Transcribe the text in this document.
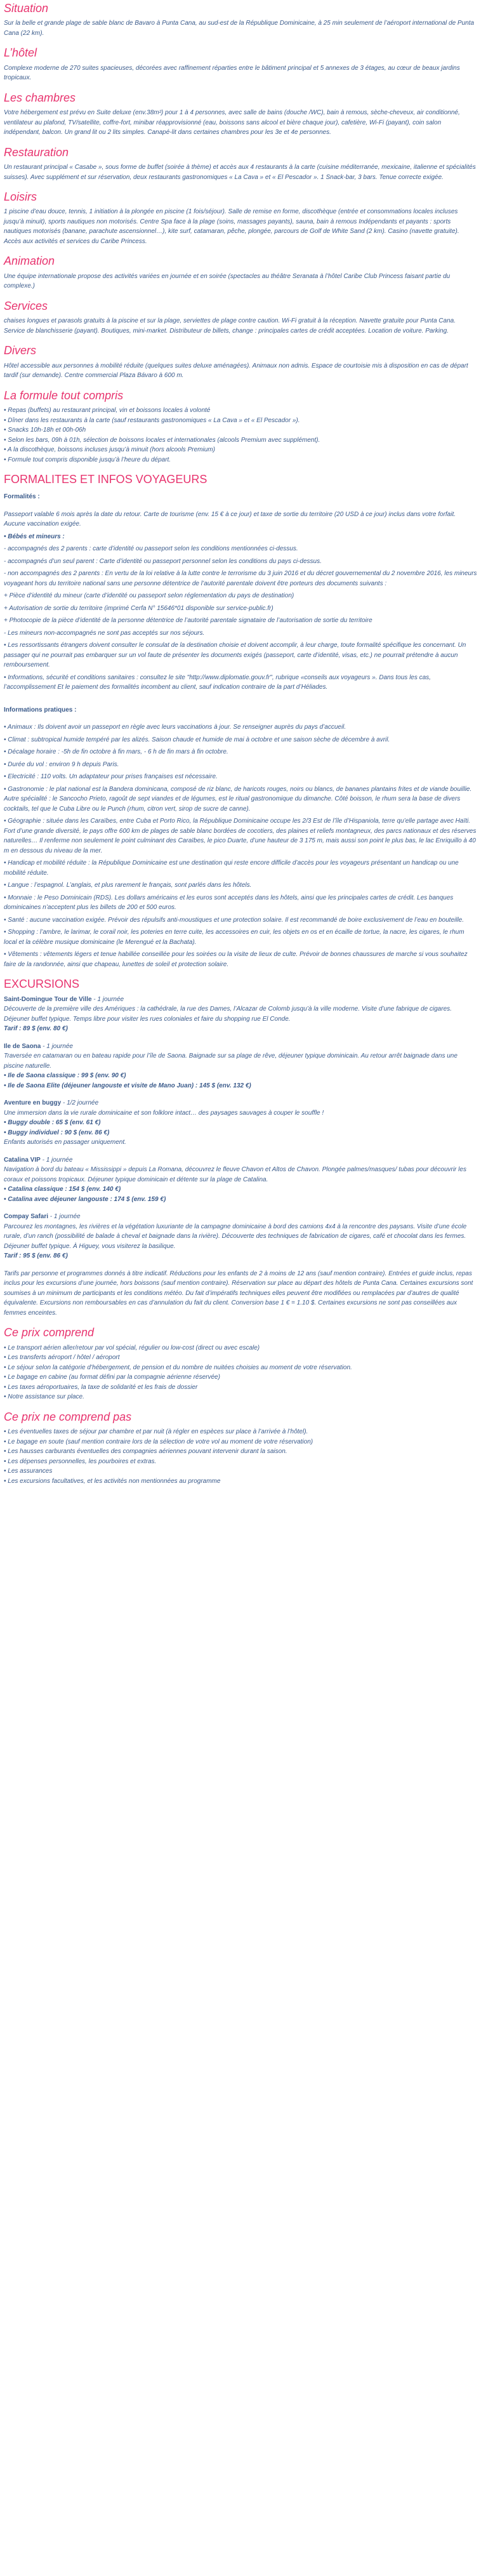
Situation

Sur la belle et grande plage de sable blanc de Bavaro à Punta Cana, au sud-est de la République Dominicaine, à 25 min seulement de l’aéroport international de Punta Cana (22 km).

L’hôtel

Complexe moderne de 270 suites spacieuses, décorées avec raffinement réparties entre le bâtiment principal et 5 annexes de 3 étages, au cœur de beaux jardins tropicaux.

Les chambres

Votre hébergement est prévu en Suite deluxe (env.38m²) pour 1 à 4 personnes, avec salle de bains (douche /WC), bain à remous, sèche-cheveux, air conditionné, ventilateur au plafond, TV/satellite, coffre-fort, minibar réapprovisionné (eau, boissons sans alcool et bière chaque jour), cafetière, Wi-Fi (payant), coin salon indépendant, balcon. Un grand lit ou 2 lits simples. Canapé-lit dans certaines chambres pour les 3e et 4e personnes.

Restauration

Un restaurant principal « Casabe », sous forme de buffet (soirée à thème) et accès aux 4 restaurants à la carte (cuisine méditerranée, mexicaine, italienne et spécialités suisses). Avec supplément et sur réservation, deux restaurants gastronomiques « La Cava » et « El Pescador ». 1 Snack-bar, 3 bars. Tenue correcte exigée.

Loisirs

1 piscine d’eau douce, tennis, 1 initiation à la plongée en piscine (1 fois/séjour). Salle de remise en forme, discothèque (entrée et consommations locales incluses jusqu’à minuit), sports nautiques non motorisés. Centre Spa face à la plage (soins, massages payants), sauna, bain à remous Indépendants et payants : sports nautiques motorisés (banane, parachute ascensionnel…), kite surf, catamaran, pêche, plongée, parcours de Golf de White Sand (2 km). Casino (navette gratuite). Accès aux activités et services du Caribe Princess.

Animation

Une équipe internationale propose des activités variées en journée et en soirée (spectacles au théâtre Seranata à l’hôtel Caribe Club Princess faisant partie du complexe.)

Services

chaises longues et parasols gratuits à la piscine et sur la plage, serviettes de plage contre caution. Wi-Fi gratuit à la réception. Navette gratuite pour Punta Cana. Service de blanchisserie (payant). Boutiques, mini-market. Distributeur de billets, change : principales cartes de crédit acceptées. Location de voiture. Parking.

Divers

Hôtel accessible aux personnes à mobilité réduite (quelques suites deluxe aménagées). Animaux non admis. Espace de courtoisie mis à disposition en cas de départ tardif (sur demande). Centre commercial Plaza Bávaro à 600 m.

La formule tout compris
• Repas (buffets) au restaurant principal, vin et boissons locales à volonté
• Dîner dans les restaurants à la carte (sauf restaurants gastronomiques « La Cava » et « El Pescador »).
• Snacks 10h-18h et 00h-06h
• Selon les bars, 09h à 01h, sélection de boissons locales et internationales (alcools Premium avec supplément).
• A la discothèque, boissons incluses jusqu’à minuit (hors alcools Premium)
• Formule tout compris disponible jusqu’à l’heure du départ.
FORMALITES ET INFOS VOYAGEURS

Formalités :

Passeport valable 6 mois après la date du retour. Carte de tourisme (env. 15 € à ce jour) et taxe de sortie du territoire (20 USD à ce jour) inclus dans votre forfait. Aucune vaccination exigée.

• Bébés et mineurs :

- accompagnés des 2 parents : carte d’identité ou passeport selon les conditions mentionnées ci-dessus.

- accompagnés d’un seul parent : Carte d’identité ou passeport personnel selon les conditions du pays ci-dessus.

- non accompagnés des 2 parents : En vertu de la loi relative à la lutte contre le terrorisme du 3 juin 2016 et du décret gouvernemental du 2 novembre 2016, les mineurs voyageant hors du territoire national sans une personne détentrice de l’autorité parentale doivent être porteurs des documents suivants :

+ Pièce d’identité du mineur (carte d’identité ou passeport selon réglementation du pays de destination)

+ Autorisation de sortie du territoire (imprimé Cerfa N° 15646*01 disponible sur service-public.fr)

+ Photocopie de la pièce d’identité de la personne détentrice de l’autorité parentale signataire de l’autorisation de sortie du territoire

- Les mineurs non-accompagnés ne sont pas acceptés sur nos séjours.

• Les ressortissants étrangers doivent consulter le consulat de la destination choisie et doivent accomplir, à leur charge, toute formalité spécifique les concernant. Un passager qui ne pourrait pas embarquer sur un vol faute de présenter les documents exigés (passeport, carte d’identité, visas, etc.) ne pourrait prétendre à aucun remboursement.

• Informations, sécurité et conditions sanitaires : consultez le site "http://www.diplomatie.gouv.fr", rubrique «conseils aux voyageurs ». Dans tous les cas, l’accomplissement Et le paiement des formalités incombent au client, sauf indication contraire de la part d’Héliades.

Informations pratiques :

• Animaux : Ils doivent avoir un passeport en règle avec leurs vaccinations à jour. Se renseigner auprès du pays d’accueil.

• Climat : subtropical humide tempéré par les alizés. Saison chaude et humide de mai à octobre et une saison sèche de décembre à avril.

• Décalage horaire : -5h de fin octobre à fin mars, - 6 h de fin mars à fin octobre.

• Durée du vol : environ 9 h depuis Paris.

• Electricité : 110 volts. Un adaptateur pour prises françaises est nécessaire.

• Gastronomie : le plat national est la Bandera dominicana, composé de riz blanc, de haricots rouges, noirs ou blancs, de bananes plantains frites et de viande bouillie. Autre spécialité : le Sancocho Prieto, ragoût de sept viandes et de légumes, est le ritual gastronomique du dimanche. Côté boisson, le rhum sera la base de divers cocktails, tel que le Cuba Libre ou le Punch (rhum, citron vert, sirop de sucre de canne).

• Géographie : située dans les Caraïbes, entre Cuba et Porto Rico, la République Dominicaine occupe les 2/3 Est de l’île d’Hispaniola, terre qu’elle partage avec Haïti. Fort d’une grande diversité, le pays offre 600 km de plages de sable blanc bordées de cocotiers, des plaines et reliefs montagneux, des parcs nationaux et des réserves naturelles… Il renferme non seulement le point culminant des Caraïbes, le pico Duarte, d’une hauteur de 3 175 m, mais aussi son point le plus bas, le lac Enriquillo à 40 m en dessous du niveau de la mer.

• Handicap et mobilité réduite : la République Dominicaine est une destination qui reste encore difficile d’accès pour les voyageurs présentant un handicap ou une mobilité réduite.

• Langue : l’espagnol. L’anglais, et plus rarement le français, sont parlés dans les hôtels.

• Monnaie : le Peso Dominicain (RDS). Les dollars américains et les euros sont acceptés dans les hôtels, ainsi que les principales cartes de crédit. Les banques dominicaines n’acceptent plus les billets de 200 et 500 euros.

• Santé : aucune vaccination exigée. Prévoir des répulsifs anti-moustiques et une protection solaire. Il est recommandé de boire exclusivement de l’eau en bouteille.

• Shopping : l’ambre, le larimar, le corail noir, les poteries en terre cuite, les accessoires en cuir, les objets en os et en écaille de tortue, la nacre, les cigares, le rhum local et la célèbre musique dominicaine (le Merengué et la Bachata).

• Vêtements : vêtements légers et tenue habillée conseillée pour les soirées ou la visite de lieux de culte. Prévoir de bonnes chaussures de marche si vous souhaitez faire de la randonnée, ainsi que chapeau, lunettes de soleil et protection solaire.

EXCURSIONS

Saint-Domingue Tour de Ville - 1 journée

Découverte de la première ville des Amériques : la cathédrale, la rue des Dames, l’Alcazar de Colomb jusqu’à la ville moderne. Visite d’une fabrique de cigares. Déjeuner buffet typique. Temps libre pour visiter les rues coloniales et faire du shopping rue El Conde.

Tarif : 89 $ (env. 80 €)

Ile de Saona - 1 journée

Traversée en catamaran ou en bateau rapide pour l’île de Saona. Baignade sur sa plage de rêve, déjeuner typique dominicain. Au retour arrêt baignade dans une piscine naturelle.

• Ile de Saona classique : 99 $ (env. 90 €)

• Ile de Saona Elite (déjeuner langouste et visite de Mano Juan) : 145 $ (env. 132 €)

Aventure en buggy - 1/2 journée

Une immersion dans la vie rurale dominicaine et son folklore intact… des paysages sauvages à couper le souffle !

• Buggy double : 65 $ (env. 61 €)

• Buggy individuel : 90 $ (env. 86 €)

Enfants autorisés en passager uniquement.

Catalina VIP - 1 journée

Navigation à bord du bateau « Mississippi » depuis La Romana, découvrez le fleuve Chavon et Altos de Chavon. Plongée palmes/masques/ tubas pour découvrir les coraux et poissons tropicaux. Déjeuner typique dominicain et détente sur la plage de Catalina.

• Catalina classique : 154 $ (env. 140 €)

• Catalina avec déjeuner langouste : 174 $ (env. 159 €)

Compay Safari - 1 journée

Parcourez les montagnes, les rivières et la végétation luxuriante de la campagne dominicaine à bord des camions 4x4 à la rencontre des paysans. Visite d’une école rurale, d’un ranch (possibilité de balade à cheval et baignade dans la rivière). Découverte des techniques de fabrication de cigares, café et chocolat dans les fermes. Déjeuner buffet typique. À Higuey, vous visiterez la basilique.

Tarif : 95 $ (env. 86 €)

Tarifs par personne et programmes donnés à titre indicatif. Réductions pour les enfants de 2 à moins de 12 ans (sauf mention contraire). Entrées et guide inclus, repas inclus pour les excursions d’une journée, hors boissons (sauf mention contraire). Réservation sur place au départ des hôtels de Punta Cana. Certaines excursions sont soumises à un minimum de participants et les conditions météo. Du fait d’impératifs techniques elles peuvent être modifiées ou remplacées par d’autres de qualité équivalente. Excursions non remboursables en cas d’annulation du fait du client. Conversion base 1 € = 1.10 $. Certaines excursions ne sont pas conseillées aux femmes enceintes.

Ce prix comprend
• Le transport aérien aller/retour par vol spécial, régulier ou low-cost (direct ou avec escale)
• Les transferts aéroport / hôtel / aéroport
• Le séjour selon la catégorie d’hébergement, de pension et du nombre de nuitées choisies au moment de votre réservation.
• Le bagage en cabine (au format défini par la compagnie aérienne réservée)
• Les taxes aéroportuaires, la taxe de solidarité et les frais de dossier
• Notre assistance sur place.
Ce prix ne comprend pas
• Les éventuelles taxes de séjour par chambre et par nuit (à régler en espèces sur place à l’arrivée à l’hôtel).
• Le bagage en soute (sauf mention contraire lors de la sélection de votre vol au moment de votre réservation)
• Les hausses carburants éventuelles des compagnies aériennes pouvant intervenir durant la saison.
• Les dépenses personnelles, les pourboires et extras.
• Les assurances
• Les excursions facultatives, et les activités non mentionnées au programme
